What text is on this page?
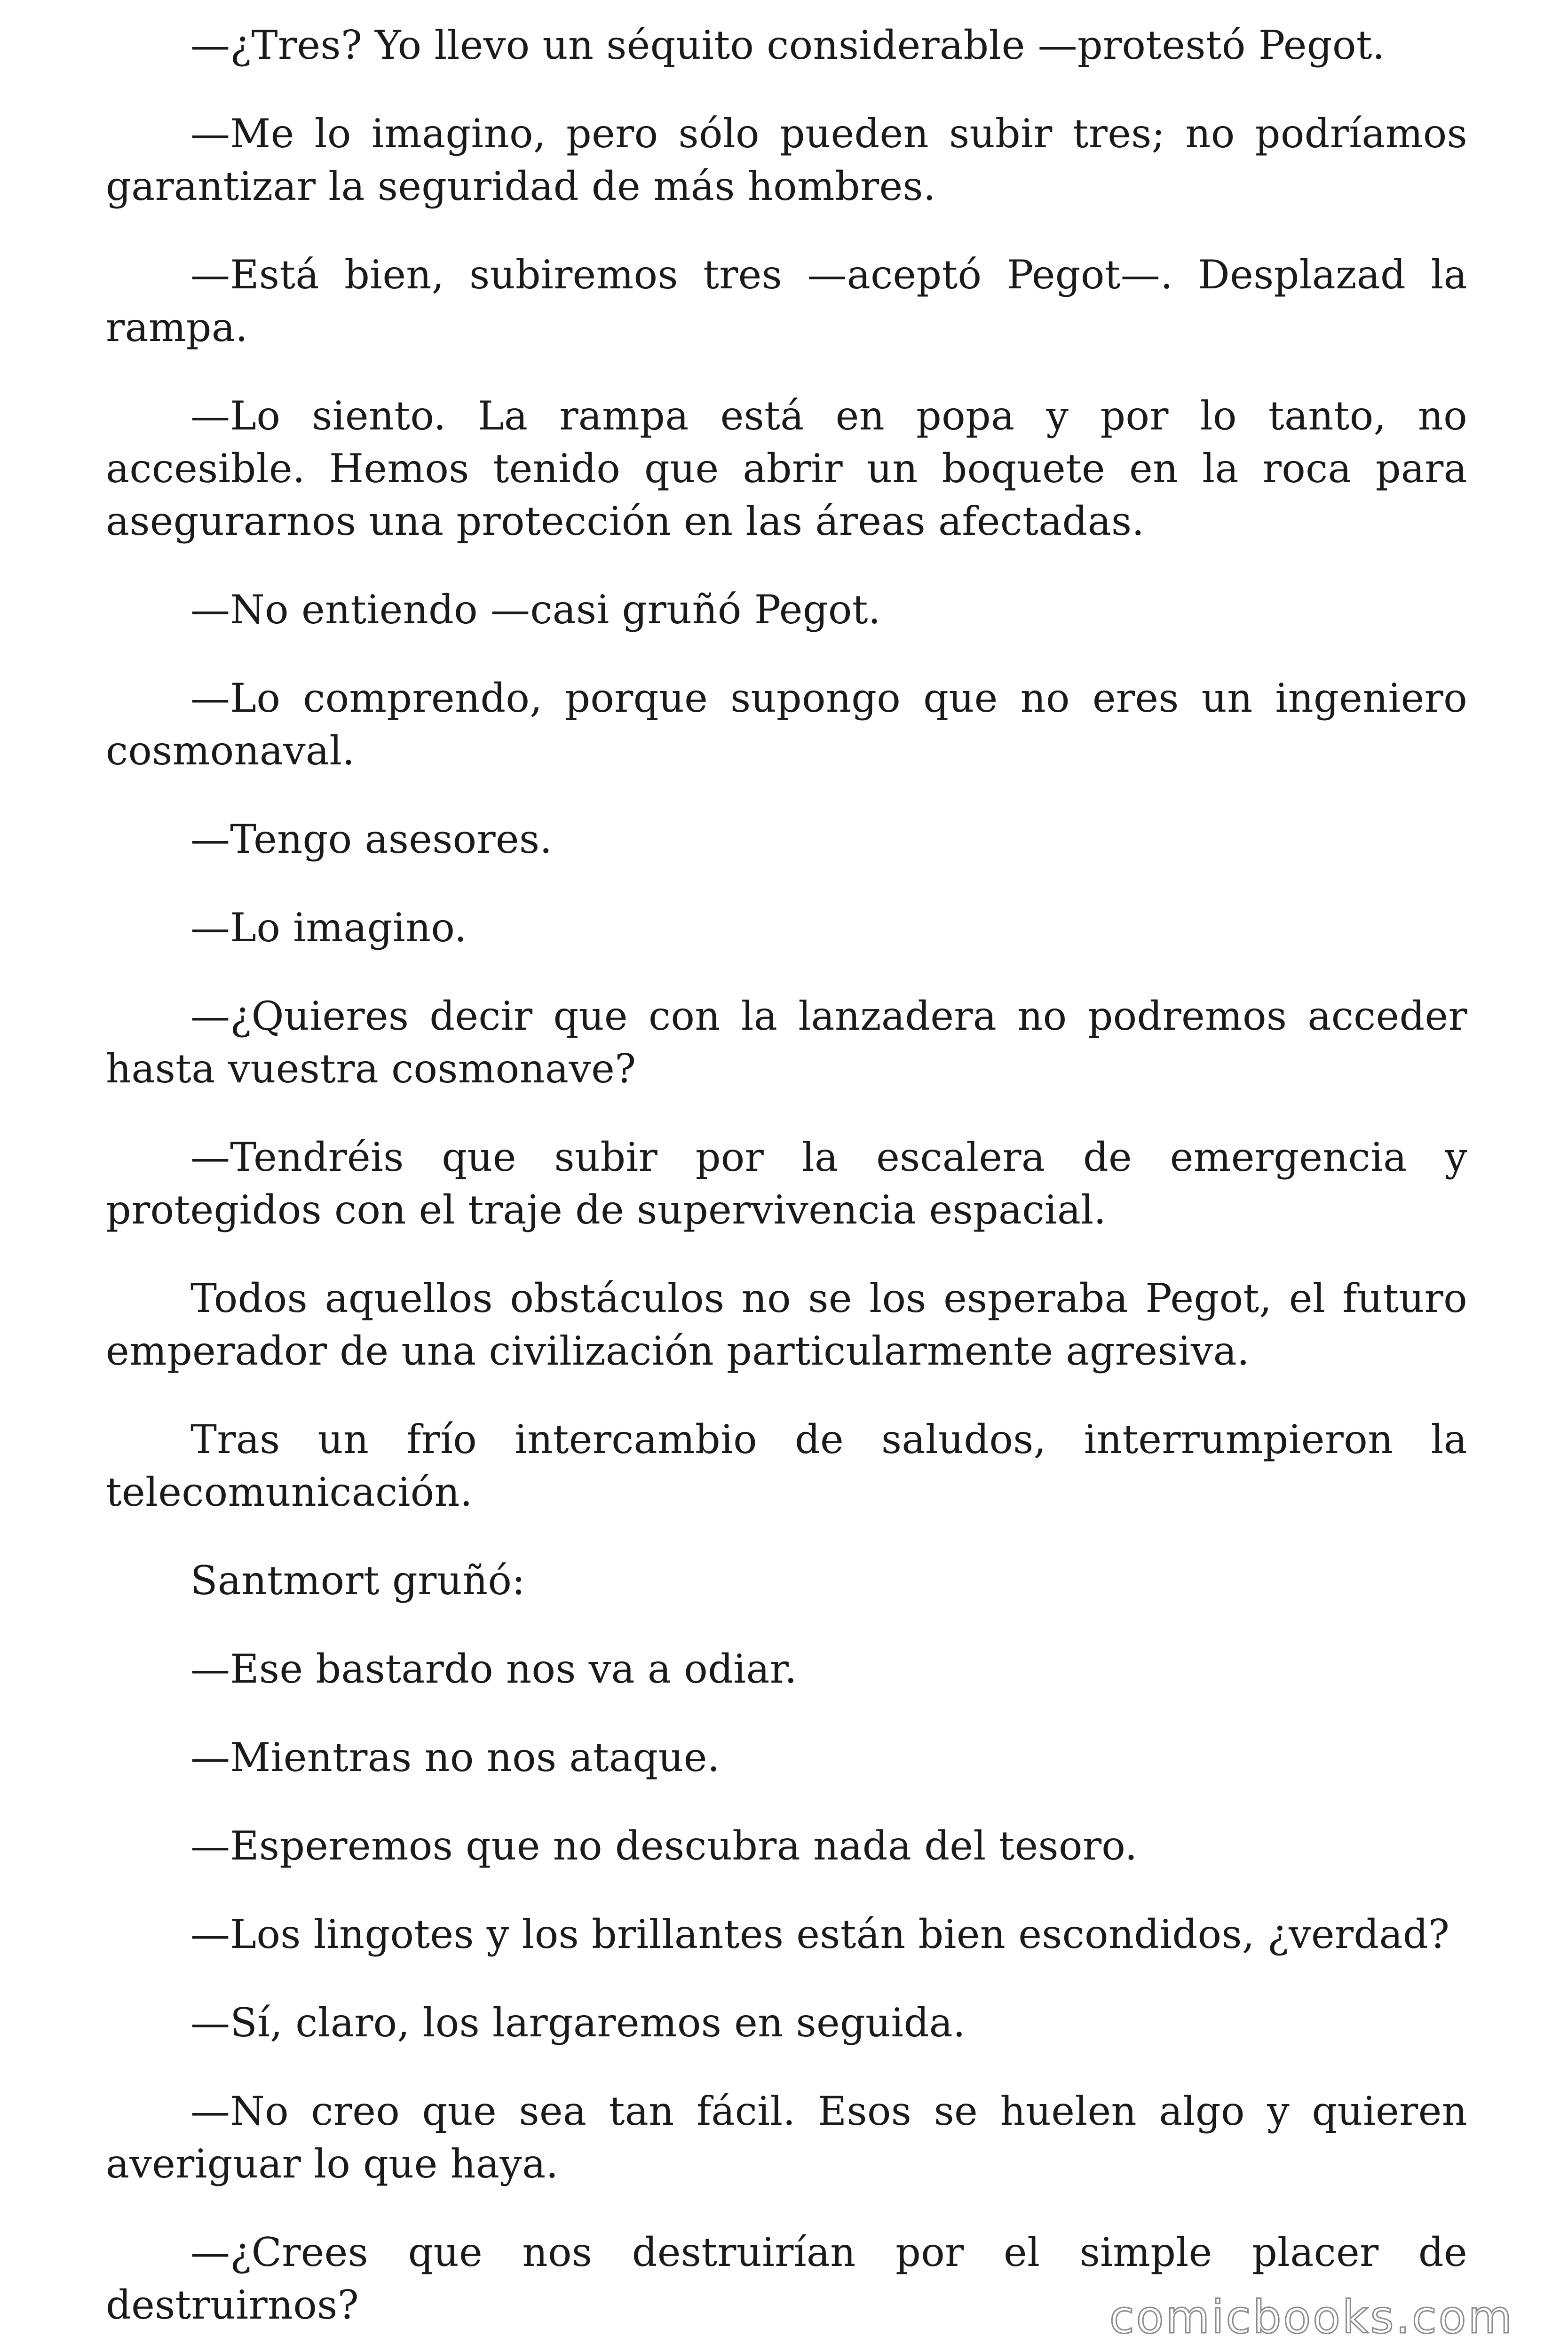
—¿Tres? Yo llevo un séquito considerable —protestó Pegot.

—Me lo imagino, pero sólo pueden subir tres; no podríamos garantizar la seguridad de más hombres.

—Está bien, subiremos tres —aceptó Pegot—. Desplazad la rampa.

—Lo siento. La rampa está en popa y por lo tanto, no accesible. Hemos tenido que abrir un boquete en la roca para asegurarnos una protección en las áreas afectadas.

—No entiendo —casi gruñó Pegot.

—Lo comprendo, porque supongo que no eres un ingeniero cosmonaval.

—Tengo asesores.

—Lo imagino.

—¿Quieres decir que con la lanzadera no podremos acceder hasta vuestra cosmonave?

—Tendréis que subir por la escalera de emergencia y protegidos con el traje de supervivencia espacial.

Todos aquellos obstáculos no se los esperaba Pegot, el futuro emperador de una civilización particularmente agresiva.

Tras un frío intercambio de saludos, interrumpieron la telecomunicación.

Santmort gruñó:

—Ese bastardo nos va a odiar.

—Mientras no nos ataque.

—Esperemos que no descubra nada del tesoro.

—Los lingotes y los brillantes están bien escondidos, ¿verdad?

—Sí, claro, los largaremos en seguida.

—No creo que sea tan fácil. Esos se huelen algo y quieren averiguar lo que haya.

—¿Crees que nos destruirían por el simple placer de destruirnos?	comicbooks.com
